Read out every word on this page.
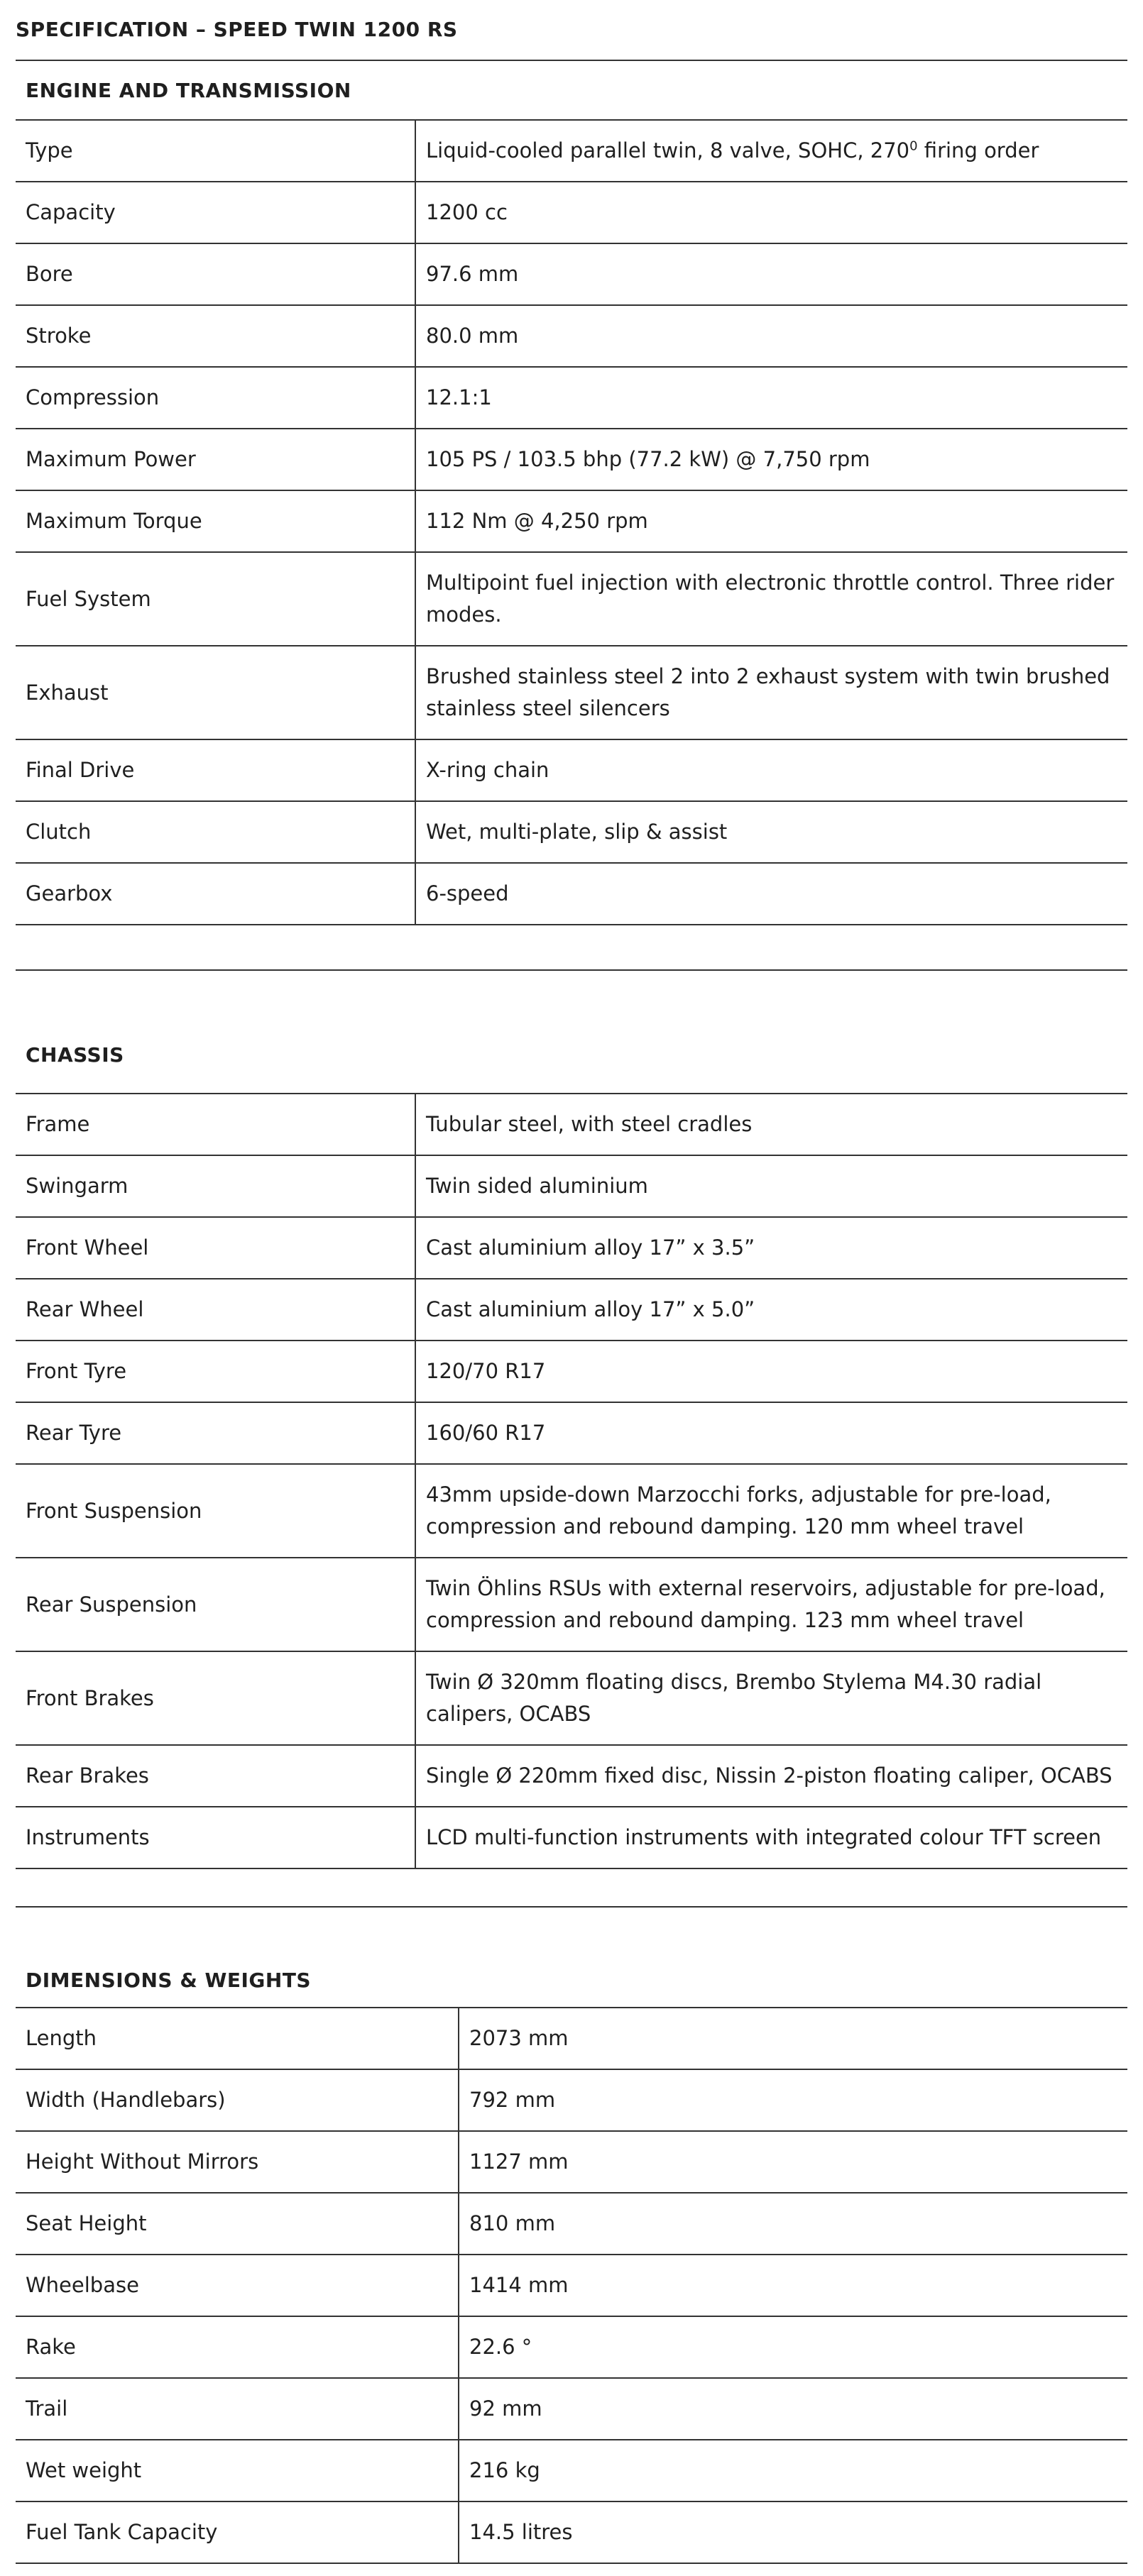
SPECIFICATION – SPEED TWIN 1200 RS
ENGINE AND TRANSMISSION
Type	Liquid-cooled parallel twin, 8 valve, SOHC, $270^0$ firing order
Capacity	1200 cc
Bore	97.6 mm
Stroke	80.0 mm
Compression	12.1:1
Maximum Power	105 PS / 103.5 bhp (77.2 kW) @ 7,750 rpm
Maximum Torque	112 Nm @ 4,250 rpm
Fuel System	Multipoint fuel injection with electronic throttle control. Three rider modes.
Exhaust	Brushed stainless steel 2 into 2 exhaust system with twin brushed stainless steel silencers
Final Drive	X-ring chain
Clutch	Wet, multi-plate, slip & assist
Gearbox	6-speed
CHASSIS
Frame	Tubular steel, with steel cradles
Swingarm	Twin sided aluminium
Front Wheel	Cast aluminium alloy 17” x 3.5”
Rear Wheel	Cast aluminium alloy 17” x 5.0”
Front Tyre	120/70 R17
Rear Tyre	160/60 R17
Front Suspension	43mm upside-down Marzocchi forks, adjustable for pre-load, compression and rebound damping. 120 mm wheel travel
Rear Suspension	Twin Öhlins RSUs with external reservoirs, adjustable for pre-load, compression and rebound damping. 123 mm wheel travel
Front Brakes	Twin Ø 320mm floating discs, Brembo Stylema M4.30 radial calipers, OCABS
Rear Brakes	Single Ø 220mm fixed disc, Nissin 2-piston floating caliper, OCABS
Instruments	LCD multi-function instruments with integrated colour TFT screen
DIMENSIONS & WEIGHTS
Length	2073 mm
Width (Handlebars)	792 mm
Height Without Mirrors	1127 mm
Seat Height	810 mm
Wheelbase	1414 mm
Rake	22.6 °
Trail	92 mm
Wet weight	216 kg
Fuel Tank Capacity	14.5 litres
